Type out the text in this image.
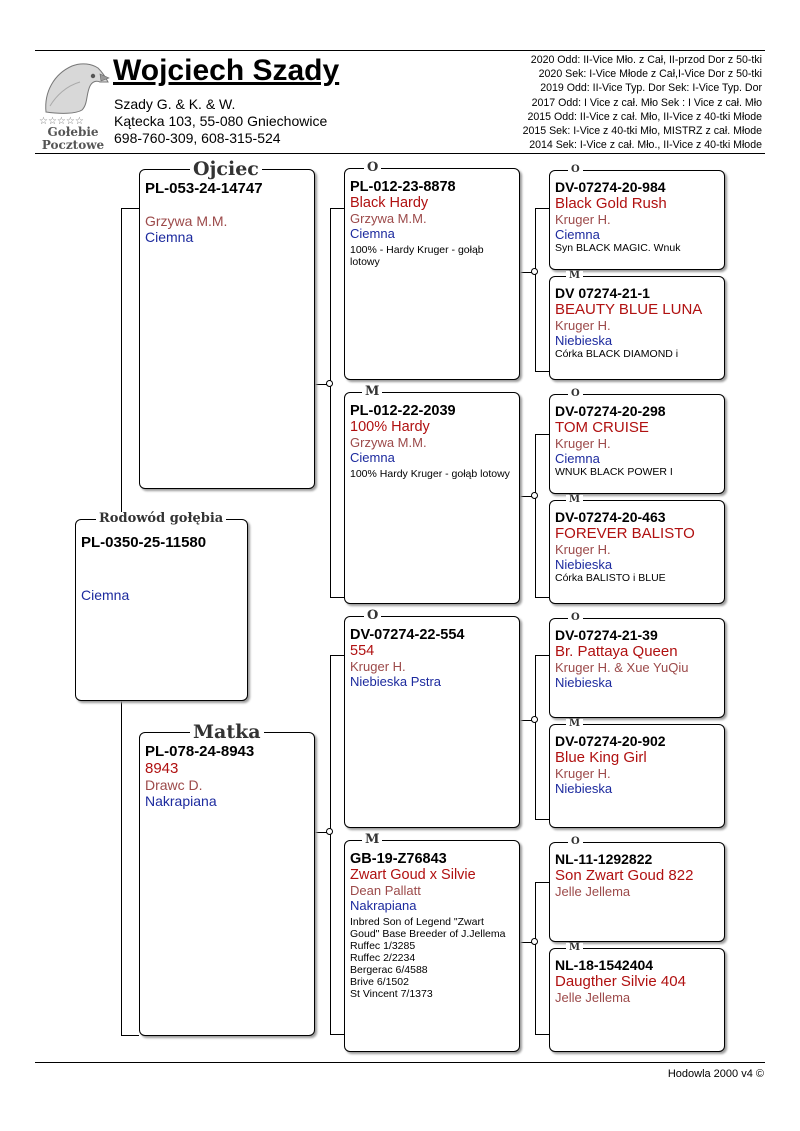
☆☆☆☆☆
Gołebie
Pocztowe
Wojciech Szady
Szady G. & K. & W.
Kątecka 103, 55-080 Gniechowice
698-760-309, 608-315-524
2020 Odd: II-Vice Mło. z Cał, II-przod Dor z 50-tki
2020 Sek: I-Vice Młode z Cał,I-Vice Dor z 50-tki
2019 Odd: II-Vice Typ. Dor Sek: I-Vice Typ. Dor
2017 Odd: I Vice z cał. Mło Sek : I Vice z cał. Mło
2015 Odd: II-Vice z cał. Mło, II-Vice z 40-tki Młode
2015 Sek: I-Vice z 40-tki Mło, MISTRZ z cał. Młode
2014 Sek: I-Vice z cał. Mło., II-Vice z 40-tki Młode
PL-0350-25-11580
Ciemna
Rodowód gołębia
PL-053-24-14747
Grzywa M.M.
Ciemna
Ojciec
PL-078-24-8943
8943
Drawc D.
Nakrapiana
Matka
PL-012-23-8878
Black Hardy
Grzywa M.M.
Ciemna
100% - Hardy Kruger - gołąb lotowy
O
PL-012-22-2039
100% Hardy
Grzywa M.M.
Ciemna
100% Hardy Kruger - gołąb lotowy
M
DV-07274-22-554
554
Kruger H.
Niebieska Pstra
O
GB-19-Z76843
Zwart Goud x Silvie
Dean Pallatt
Nakrapiana
Inbred Son of Legend "Zwart Goud" Base Breeder of J.Jellema
Ruffec 1/3285
Ruffec 2/2234
Bergerac 6/4588
Brive 6/1502
St Vincent 7/1373
M
DV-07274-20-984
Black Gold Rush
Kruger H.
Ciemna
Syn BLACK MAGIC. Wnuk
O
DV 07274-21-1
BEAUTY BLUE LUNA
Kruger H.
Niebieska
Córka BLACK DIAMOND i
M
DV-07274-20-298
TOM CRUISE
Kruger H.
Ciemna
WNUK BLACK POWER I
O
DV-07274-20-463
FOREVER BALISTO
Kruger H.
Niebieska
Córka BALISTO i BLUE
M
DV-07274-21-39
Br. Pattaya Queen
Kruger H. & Xue YuQiu
Niebieska
O
DV-07274-20-902
Blue King Girl
Kruger H.
Niebieska
M
NL-11-1292822
Son Zwart Goud 822
Jelle Jellema
O
NL-18-1542404
Daugther Silvie 404
Jelle Jellema
M
Hodowla 2000 v4 ©
